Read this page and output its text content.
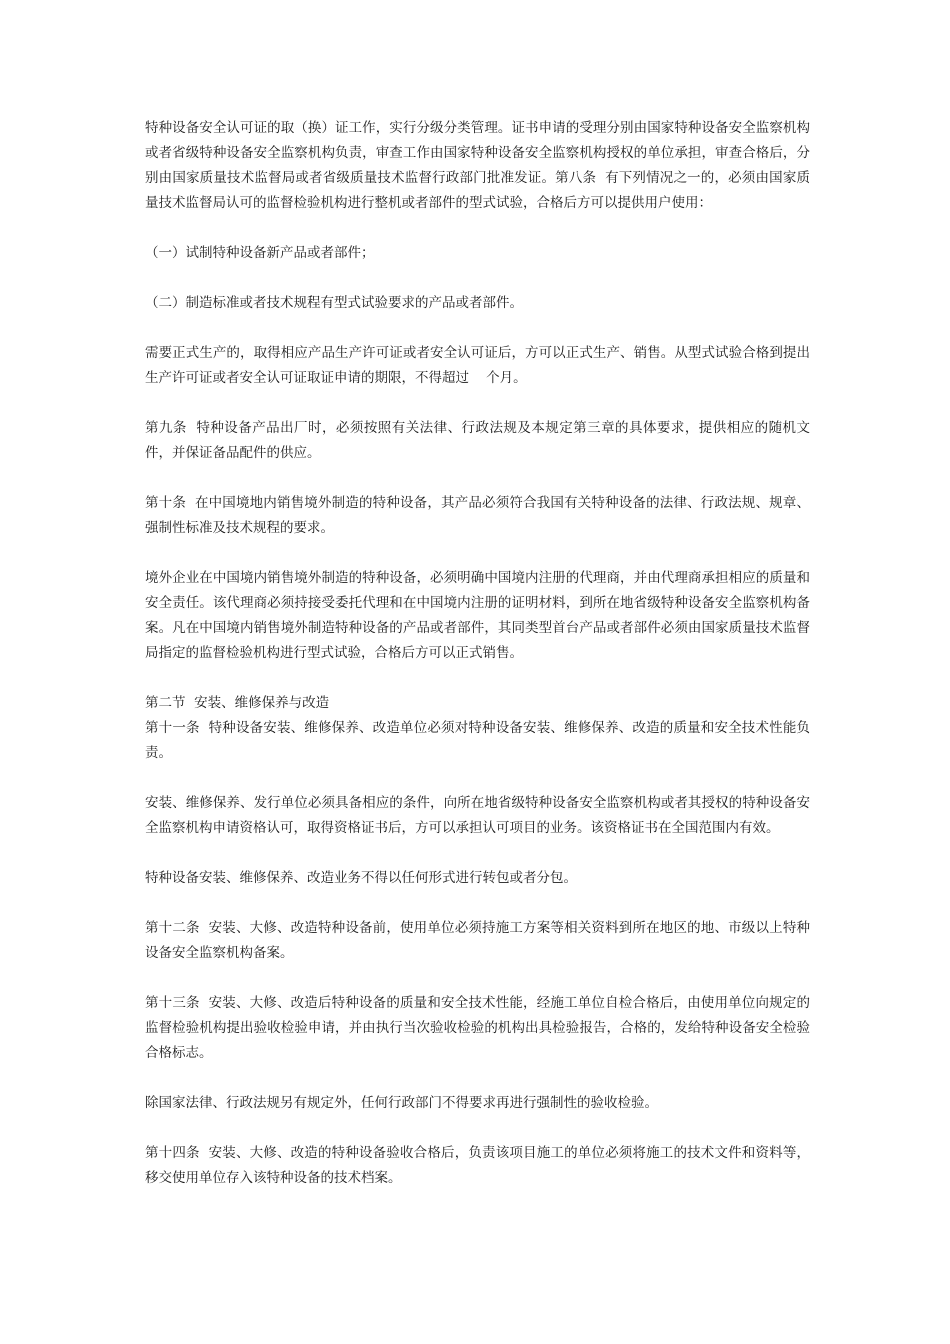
特种设备安全认可证的取（换）证工作，实行分级分类管理。证书申请的受理分别由国家特种设备安全监察机构或者省级特种设备安全监察机构负责，审查工作由国家特种设备安全监察机构授权的单位承担，审查合格后，分别由国家质量技术监督局或者省级质量技术监督行政部门批准发证。第八条  有下列情况之一的，必须由国家质量技术监督局认可的监督检验机构进行整机或者部件的型式试验，合格后方可以提供用户使用：

（一）试制特种设备新产品或者部件；

（二）制造标准或者技术规程有型式试验要求的产品或者部件。

需要正式生产的，取得相应产品生产许可证或者安全认可证后，方可以正式生产、销售。从型式试验合格到提出生产许可证或者安全认可证取证申请的期限，不得超过    个月。

第九条  特种设备产品出厂时，必须按照有关法律、行政法规及本规定第三章的具体要求，提供相应的随机文件，并保证备品配件的供应。

第十条  在中国境地内销售境外制造的特种设备，其产品必须符合我国有关特种设备的法律、行政法规、规章、强制性标准及技术规程的要求。

境外企业在中国境内销售境外制造的特种设备，必须明确中国境内注册的代理商，并由代理商承担相应的质量和安全责任。该代理商必须持接受委托代理和在中国境内注册的证明材料，到所在地省级特种设备安全监察机构备案。凡在中国境内销售境外制造特种设备的产品或者部件，其同类型首台产品或者部件必须由国家质量技术监督局指定的监督检验机构进行型式试验，合格后方可以正式销售。

第二节  安装、维修保养与改造

第十一条  特种设备安装、维修保养、改造单位必须对特种设备安装、维修保养、改造的质量和安全技术性能负责。

安装、维修保养、发行单位必须具备相应的条件，向所在地省级特种设备安全监察机构或者其授权的特种设备安全监察机构申请资格认可，取得资格证书后，方可以承担认可项目的业务。该资格证书在全国范围内有效。

特种设备安装、维修保养、改造业务不得以任何形式进行转包或者分包。

第十二条  安装、大修、改造特种设备前，使用单位必须持施工方案等相关资料到所在地区的地、市级以上特种设备安全监察机构备案。

第十三条  安装、大修、改造后特种设备的质量和安全技术性能，经施工单位自检合格后，由使用单位向规定的监督检验机构提出验收检验申请，并由执行当次验收检验的机构出具检验报告，合格的，发给特种设备安全检验合格标志。

除国家法律、行政法规另有规定外，任何行政部门不得要求再进行强制性的验收检验。

第十四条  安装、大修、改造的特种设备验收合格后，负责该项目施工的单位必须将施工的技术文件和资料等，移交使用单位存入该特种设备的技术档案。
